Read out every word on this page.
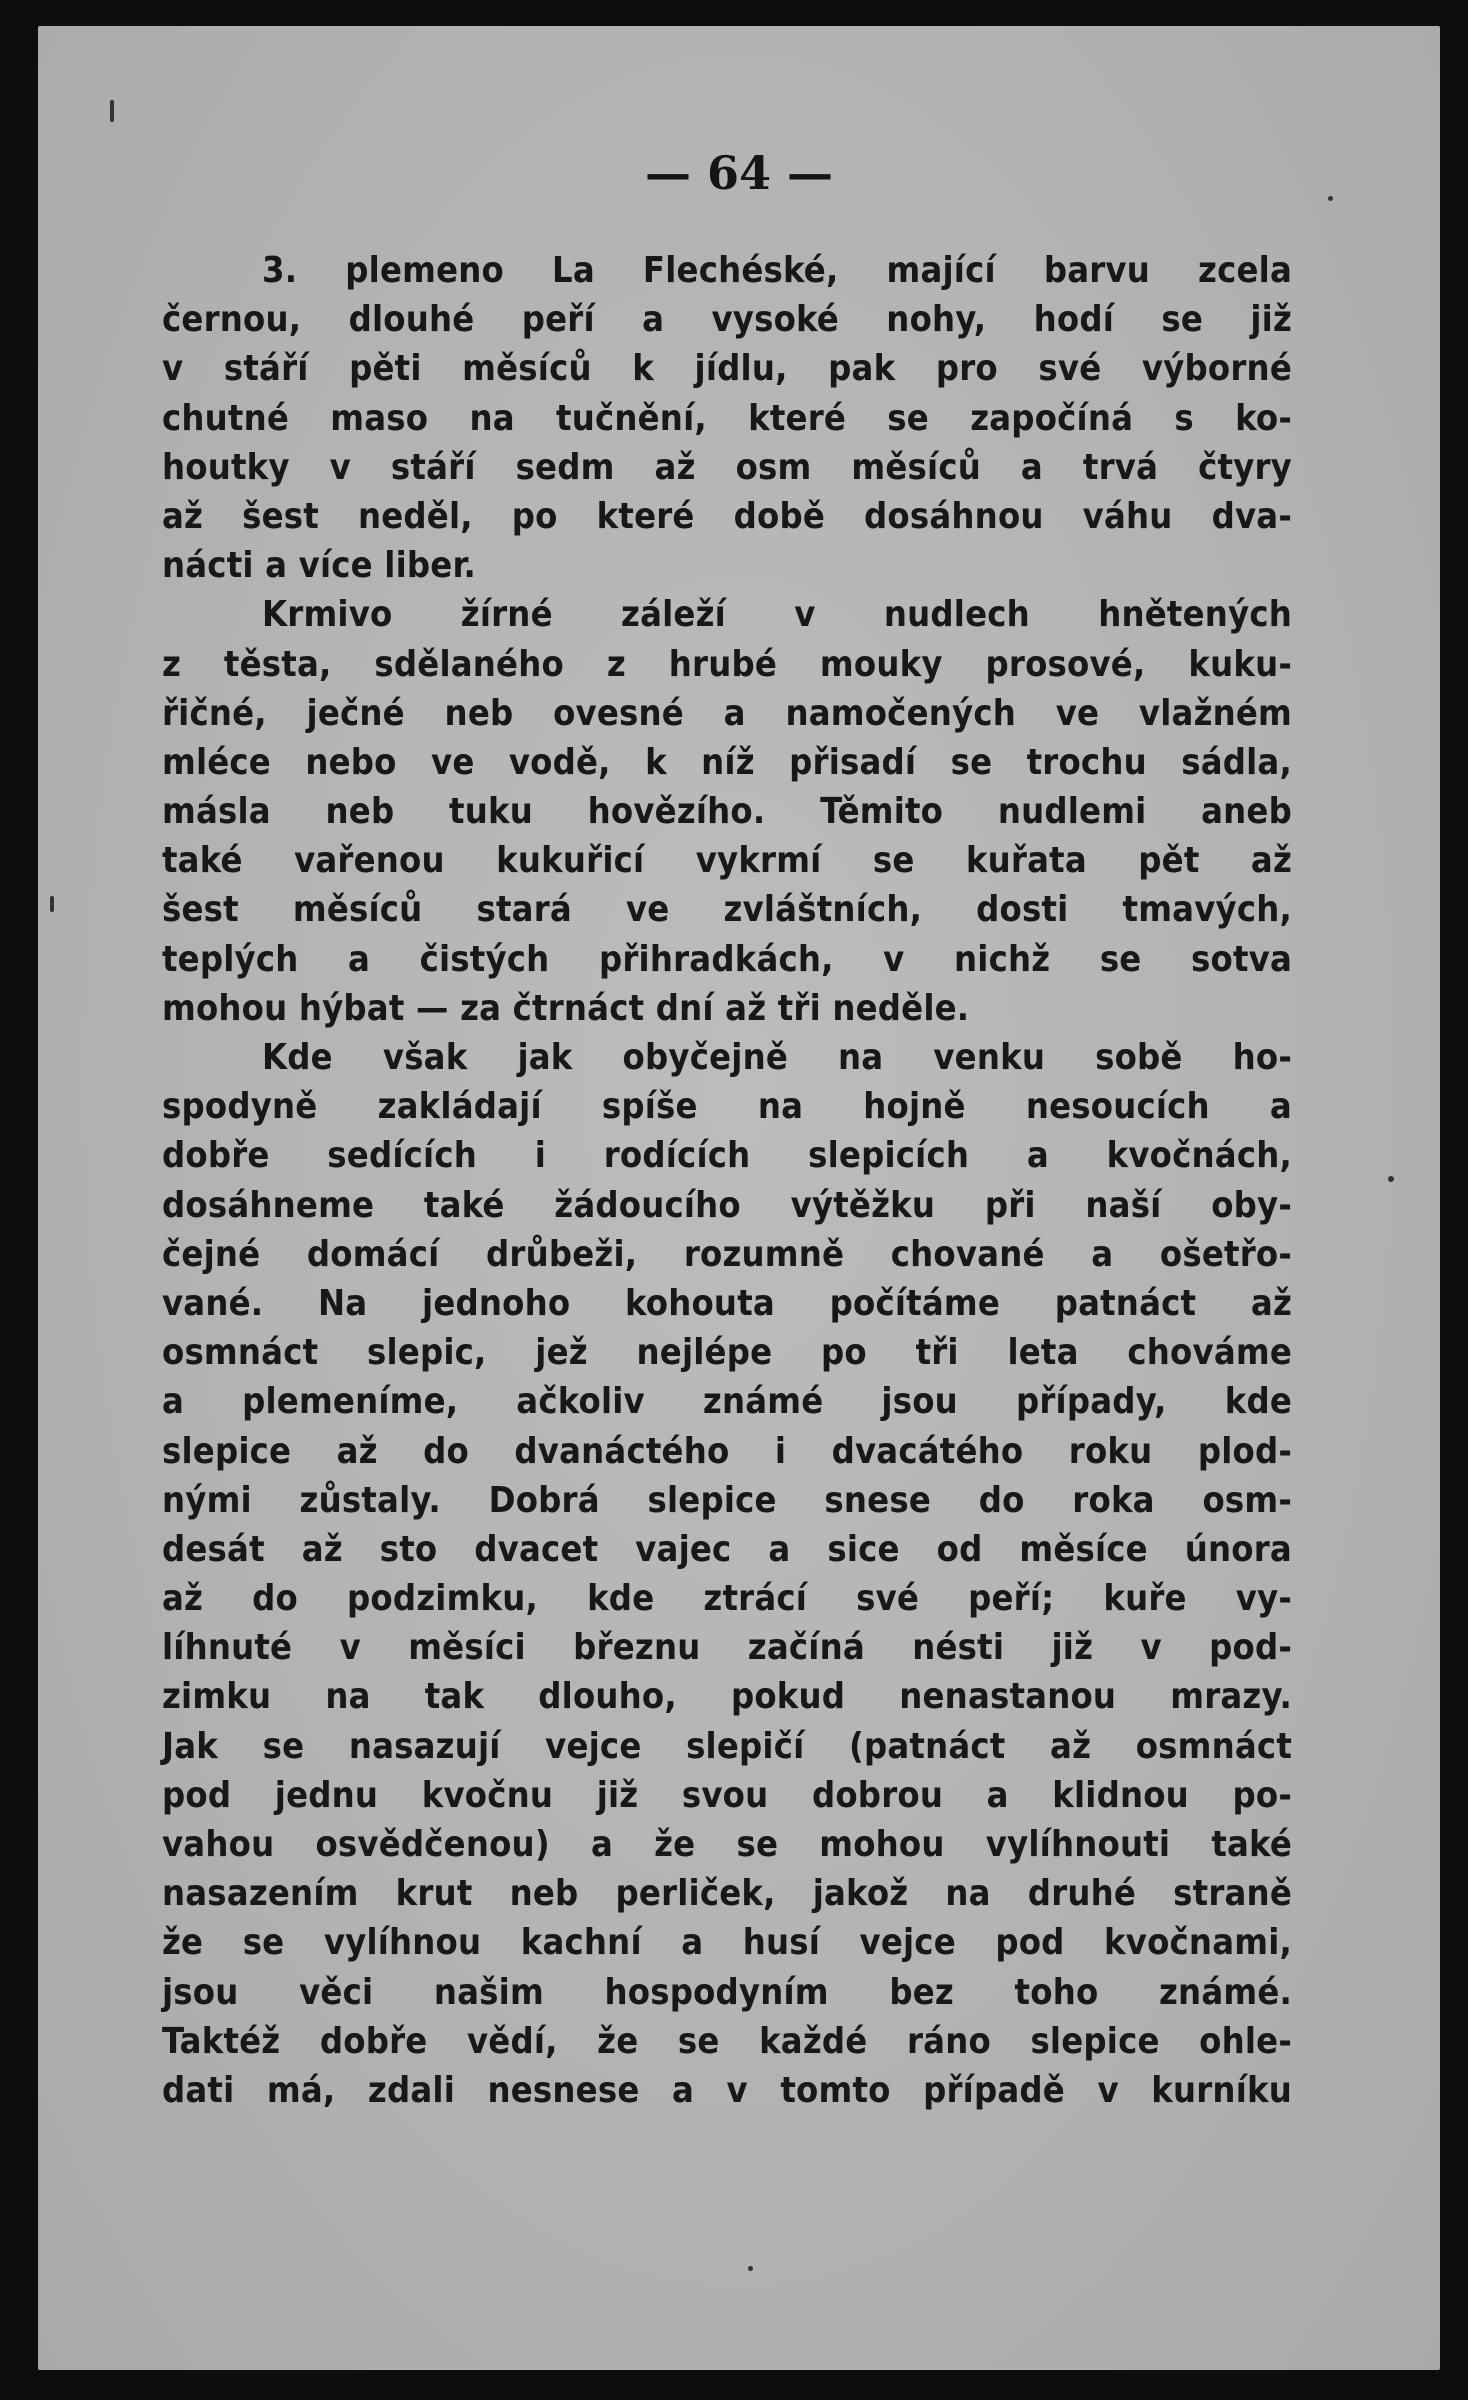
— 64 —

3. plemeno La Flechéské, mající barvu zcela
černou, dlouhé peří a vysoké nohy, hodí se již
v stáří pěti měsíců k jídlu, pak pro své výborné
chutné maso na tučnění, které se započíná s ko-
houtky v stáří sedm až osm měsíců a trvá čtyry
až šest neděl, po které době dosáhnou váhu dva-
nácti a více liber.
Krmivo žírné záleží v nudlech hnětených
z těsta, sdělaného z hrubé mouky prosové, kuku-
řičné, ječné neb ovesné a namočených ve vlažném
mléce nebo ve vodě, k níž přisadí se trochu sádla,
másla neb tuku hovězího. Těmito nudlemi aneb
také vařenou kukuřicí vykrmí se kuřata pět až
šest měsíců stará ve zvláštních, dosti tmavých,
teplých a čistých přihradkách, v nichž se sotva
mohou hýbat — za čtrnáct dní až tři neděle.
Kde však jak obyčejně na venku sobě ho-
spodyně zakládají spíše na hojně nesoucích a
dobře sedících i rodících slepicích a kvočnách,
dosáhneme také žádoucího výtěžku při naší oby-
čejné domácí drůbeži, rozumně chované a ošetřo-
vané. Na jednoho kohouta počítáme patnáct až
osmnáct slepic, jež nejlépe po tři leta chováme
a plemeníme, ačkoliv známé jsou případy, kde
slepice až do dvanáctého i dvacátého roku plod-
nými zůstaly. Dobrá slepice snese do roka osm-
desát až sto dvacet vajec a sice od měsíce února
až do podzimku, kde ztrácí své peří; kuře vy-
líhnuté v měsíci březnu začíná nésti již v pod-
zimku na tak dlouho, pokud nenastanou mrazy.
Jak se nasazují vejce slepičí (patnáct až osmnáct
pod jednu kvočnu již svou dobrou a klidnou po-
vahou osvědčenou) a že se mohou vylíhnouti také
nasazením krut neb perliček, jakož na druhé straně
že se vylíhnou kachní a husí vejce pod kvočnami,
jsou věci našim hospodyním bez toho známé.
Taktéž dobře vědí, že se každé ráno slepice ohle-
dati má, zdali nesnese a v tomto případě v kurníku
